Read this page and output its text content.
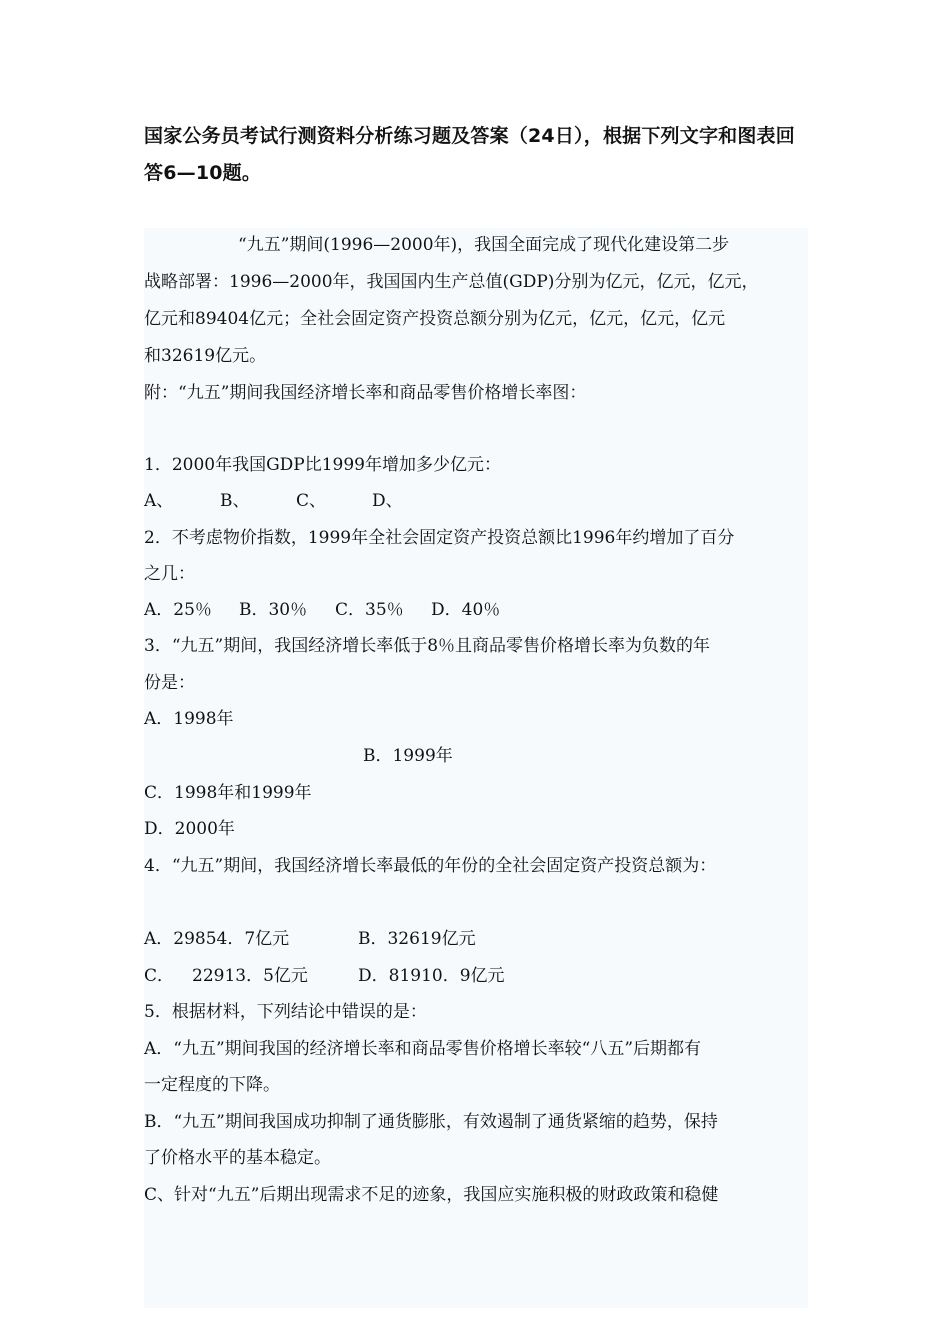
国家公务员考试行测资料分析练习题及答案（24日），根据下列文字和图表回
答6—10题。
“九五”期间(1996—2000年)，我国全面完成了现代化建设第二步
战略部署：1996—2000年，我国国内生产总值(GDP)分别为亿元，亿元，亿元，
亿元和89404亿元；全社会固定资产投资总额分别为亿元，亿元，亿元，亿元
和32619亿元。
附：“九五”期间我国经济增长率和商品零售价格增长率图：
1．2000年我国GDP比1999年增加多少亿元：
A、	B、	C、	D、
2．不考虑物价指数，1999年全社会固定资产投资总额比1996年约增加了百分
之几：
A．25％ B．30％ C．35％ D．40％
3．“九五”期间，我国经济增长率低于8％且商品零售价格增长率为负数的年
份是：
A．1998年
B．1999年
C．1998年和1999年
D．2000年
4．“九五”期间，我国经济增长率最低的年份的全社会固定资产投资总额为：
A．29854．7亿元	B．32619亿元
C． 22913．5亿元	D．81910．9亿元
5．根据材料，下列结论中错误的是：
A．“九五”期间我国的经济增长率和商品零售价格增长率较“八五”后期都有
一定程度的下降。
B．“九五”期间我国成功抑制了通货膨胀，有效遏制了通货紧缩的趋势，保持
了价格水平的基本稳定。
C、针对“九五”后期出现需求不足的迹象，我国应实施积极的财政政策和稳健
